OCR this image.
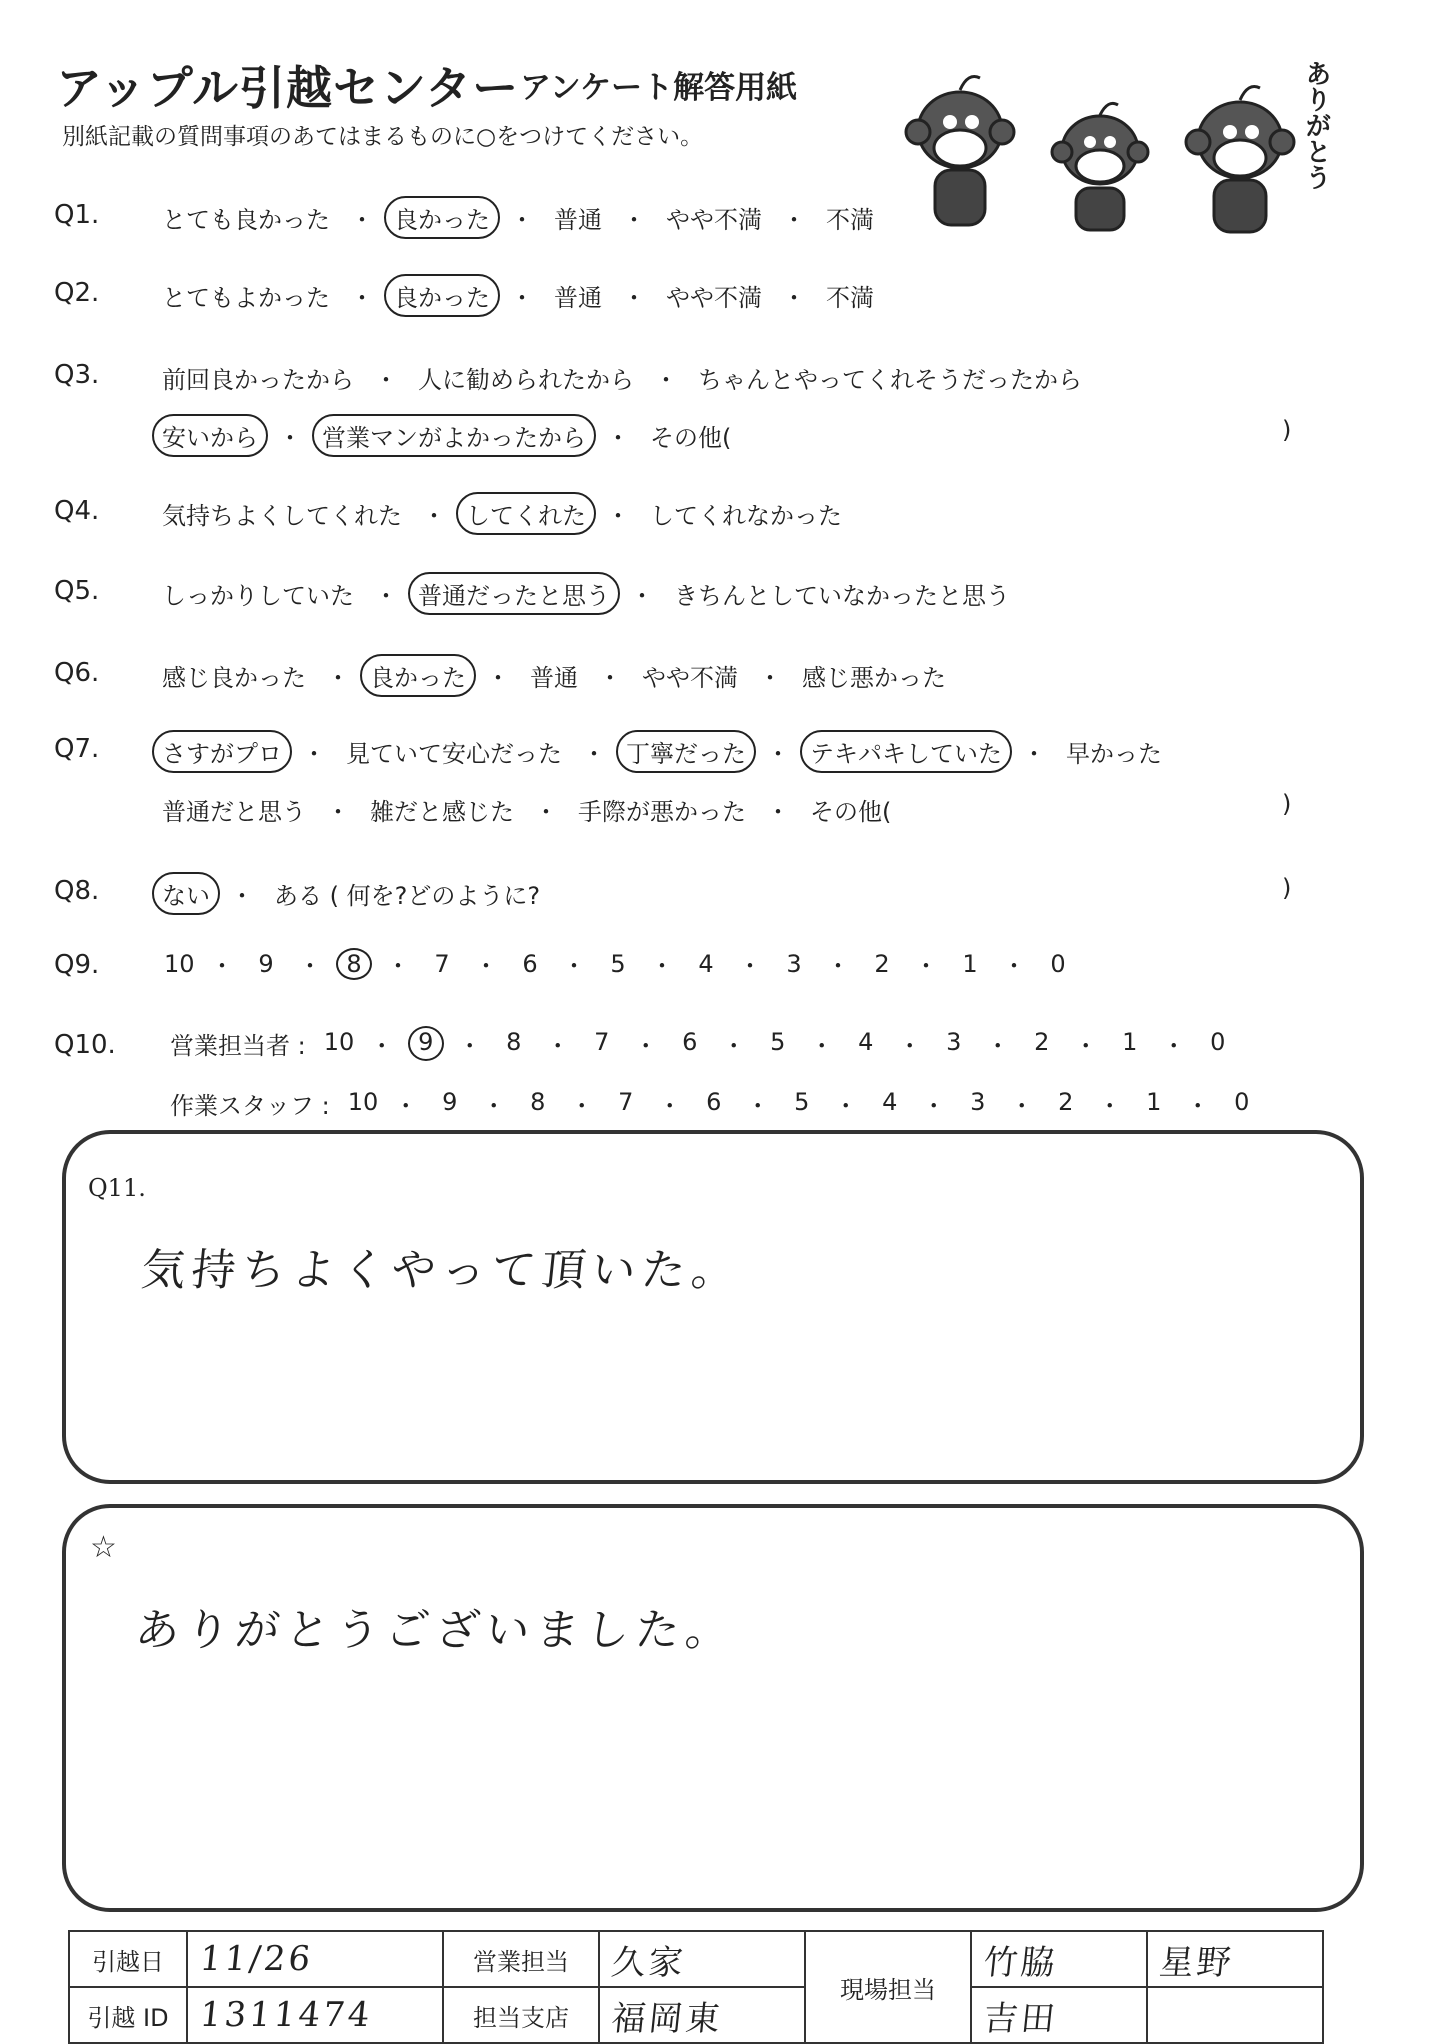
アップル引越センター アンケート解答用紙
別紙記載の質問事項のあてはまるものに○をつけてください。	ありがとう
Q1.	とても良かった ・ 良かった ・ 普通 ・ やや不満 ・ 不満
Q2.	とてもよかった ・ 良かった ・ 普通 ・ やや不満 ・ 不満
Q3.	前回良かったから ・ 人に勧められたから ・ ちゃんとやってくれそうだったから
安いから ・ 営業マンがよかったから ・ その他(	)
Q4.	気持ちよくしてくれた ・ してくれた ・ してくれなかった
Q5.	しっかりしていた ・ 普通だったと思う ・ きちんとしていなかったと思う
Q6.	感じ良かった ・ 良かった ・ 普通 ・ やや不満 ・ 感じ悪かった
Q7.	さすがプロ ・ 見ていて安心だった ・ 丁寧だった ・ テキパキしていた ・ 早かった
普通だと思う ・ 雑だと感じた ・ 手際が悪かった ・ その他(	)
Q8.	ない ・ ある ( 何を?どのように?	)
Q9.	10 ・	9	・	8	・	7	・	6	・	5	・	4	・	3	・	2	・	1	・	0
Q10. 営業担当者 : 10 ・	9	・	8	・	7	・	6	・	5	・	4	・	3	・	2	・	1	・	0
作業スタッフ : 10 ・	9	・	8	・	7	・	6	・	5	・	4	・	3	・	2	・	1	・	0
Q11.
気持ちよくやって頂いた。
☆
ありがとうございました。
引越日	11/26	営業担当	久家	現場担当	竹脇	星野
引越 ID	1311474	担当支店	福岡東		吉田	
